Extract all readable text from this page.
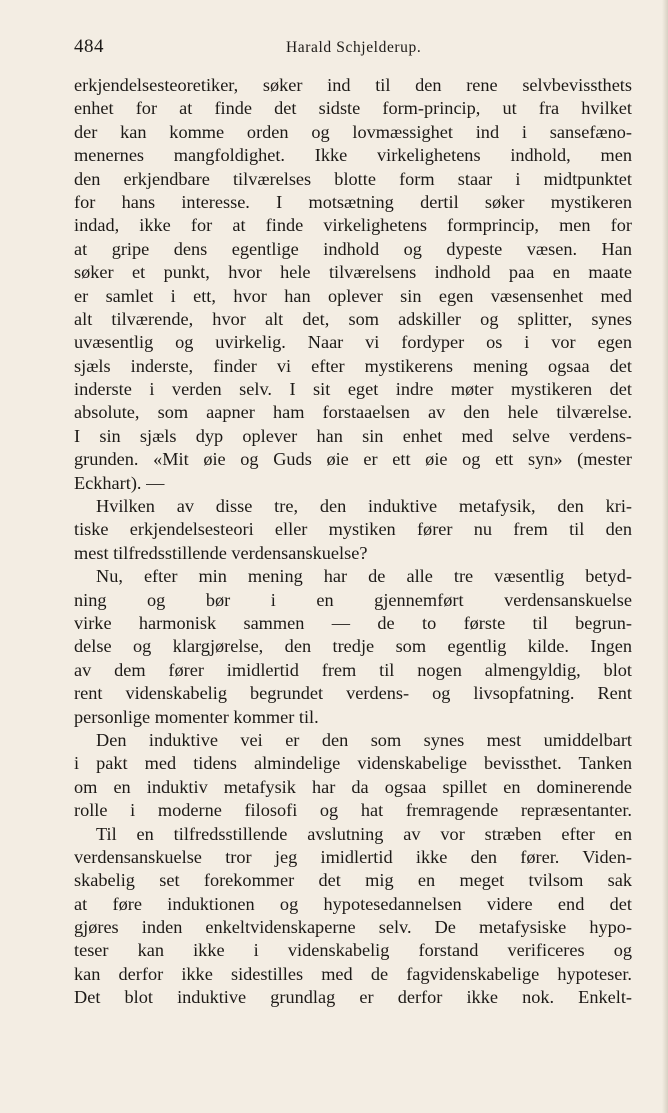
484	Harald Schjelderup.
erkjendelsesteoretiker, søker ind til den rene selvbevissthets
enhet for at finde det sidste form-princip, ut fra hvilket
der kan komme orden og lovmæssighet ind i sansefæno-
menernes mangfoldighet. Ikke virkelighetens indhold, men
den erkjendbare tilværelses blotte form staar i midtpunktet
for hans interesse. I motsætning dertil søker mystikeren
indad, ikke for at finde virkelighetens formprincip, men for
at gripe dens egentlige indhold og dypeste væsen. Han
søker et punkt, hvor hele tilværelsens indhold paa en maate
er samlet i ett, hvor han oplever sin egen væsensenhet med
alt tilværende, hvor alt det, som adskiller og splitter, synes
uvæsentlig og uvirkelig. Naar vi fordyper os i vor egen
sjæls inderste, finder vi efter mystikerens mening ogsaa det
inderste i verden selv. I sit eget indre møter mystikeren det
absolute, som aapner ham forstaaelsen av den hele tilværelse.
I sin sjæls dyp oplever han sin enhet med selve verdens-
grunden. «Mit øie og Guds øie er ett øie og ett syn» (mester
Eckhart). —
Hvilken av disse tre, den induktive metafysik, den kri-
tiske erkjendelsesteori eller mystiken fører nu frem til den
mest tilfredsstillende verdensanskuelse?
Nu, efter min mening har de alle tre væsentlig betyd-
ning og bør i en gjennemført verdensanskuelse
virke harmonisk sammen — de to første til begrun-
delse og klargjørelse, den tredje som egentlig kilde. Ingen
av dem fører imidlertid frem til nogen almengyldig, blot
rent videnskabelig begrundet verdens- og livsopfatning. Rent
personlige momenter kommer til.
Den induktive vei er den som synes mest umiddelbart
i pakt med tidens almindelige videnskabelige bevissthet. Tanken
om en induktiv metafysik har da ogsaa spillet en dominerende
rolle i moderne filosofi og hat fremragende repræsentanter.
Til en tilfredsstillende avslutning av vor stræben efter en
verdensanskuelse tror jeg imidlertid ikke den fører. Viden-
skabelig set forekommer det mig en meget tvilsom sak
at føre induktionen og hypotesedannelsen videre end det
gjøres inden enkeltvidenskaperne selv. De metafysiske hypo-
teser kan ikke i videnskabelig forstand verificeres og
kan derfor ikke sidestilles med de fagvidenskabelige hypoteser.
Det blot induktive grundlag er derfor ikke nok. Enkelt-
